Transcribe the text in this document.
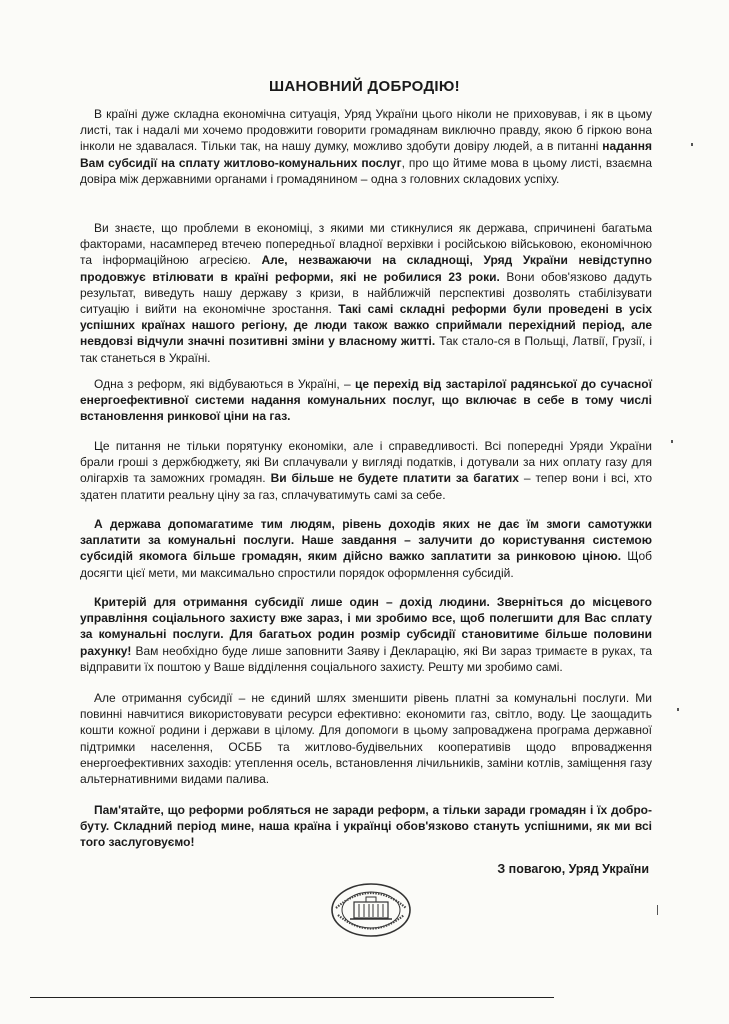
ШАНОВНИЙ ДОБРОДІЮ!
В країні дуже складна економічна ситуація, Уряд України цього ніколи не приховував, і як в цьому листі, так і надалі ми хочемо продовжити говорити громадянам виключно правду, якою б гіркою вона інколи не здавалася. Тільки так, на нашу думку, можливо здобути довіру людей, а в питанні надання Вам субсидії на сплату житлово-комунальних послуг, про що йтиме мова в цьому листі, взаємна довіра між державними органами і громадянином – одна з головних складових успіху.
Ви знаєте, що проблеми в економіці, з якими ми стикнулися як держава, спричинені багатьма факторами, насамперед втечею попередньої владної верхівки і російською військовою, економічною та інформаційною агресією. Але, незважаючи на складнощі, Уряд України невідступно продовжує втілювати в країні реформи, які не робилися 23 роки. Вони обов'язково дадуть результат, виведуть нашу державу з кризи, в найближчій перспективі дозволять стабілізувати ситуацію і вийти на економічне зростання. Такі самі складні реформи були проведені в усіх успішних країнах нашого регіону, де люди також важко сприймали перехідний період, але невдовзі відчули значні позитивні зміни у власному житті. Так стало-ся в Польщі, Латвії, Грузії, і так станеться в Україні.
Одна з реформ, які відбуваються в Україні, – це перехід від застарілої радянської до сучасної енергоефективної системи надання комунальних послуг, що включає в себе в тому числі встановлення ринкової ціни на газ.
Це питання не тільки порятунку економіки, але і справедливості. Всі попередні Уряди України брали гроші з держбюджету, які Ви сплачували у вигляді податків, і дотували за них оплату газу для олігархів та заможних громадян. Ви більше не будете платити за багатих – тепер вони і всі, хто здатен платити реальну ціну за газ, сплачуватимуть самі за себе.
А держава допомагатиме тим людям, рівень доходів яких не дає їм змоги самотужки заплатити за комунальні послуги. Наше завдання – залучити до користування системою субсидій якомога більше громадян, яким дійсно важко заплатити за ринковою ціною. Щоб досягти цієї мети, ми максимально спростили порядок оформлення субсидій.
Критерій для отримання субсидії лише один – дохід людини. Зверніться до місцевого управління соціального захисту вже зараз, і ми зробимо все, щоб полегшити для Вас сплату за комунальні послуги. Для багатьох родин розмір субсидії становитиме більше половини рахунку! Вам необхідно буде лише заповнити Заяву і Декларацію, які Ви зараз тримаєте в руках, та відправити їх поштою у Ваше відділення соціального захисту. Решту ми зробимо самі.
Але отримання субсидії – не єдиний шлях зменшити рівень платні за комунальні послуги. Ми повинні навчитися використовувати ресурси ефективно: економити газ, світло, воду. Це заощадить кошти кожної родини і держави в цілому. Для допомоги в цьому запроваджена програма державної підтримки населення, ОСББ та житлово-будівельних кооперативів щодо впровадження енергоефективних заходів: утеплення осель, встановлення лічильників, заміни котлів, заміщення газу альтернативними видами палива.
Пам'ятайте, що реформи робляться не заради реформ, а тільки заради громадян і їх добро-буту. Складний період мине, наша країна і українці обов'язково стануть успішними, як ми всі того заслуговуємо!
З повагою, Уряд України
